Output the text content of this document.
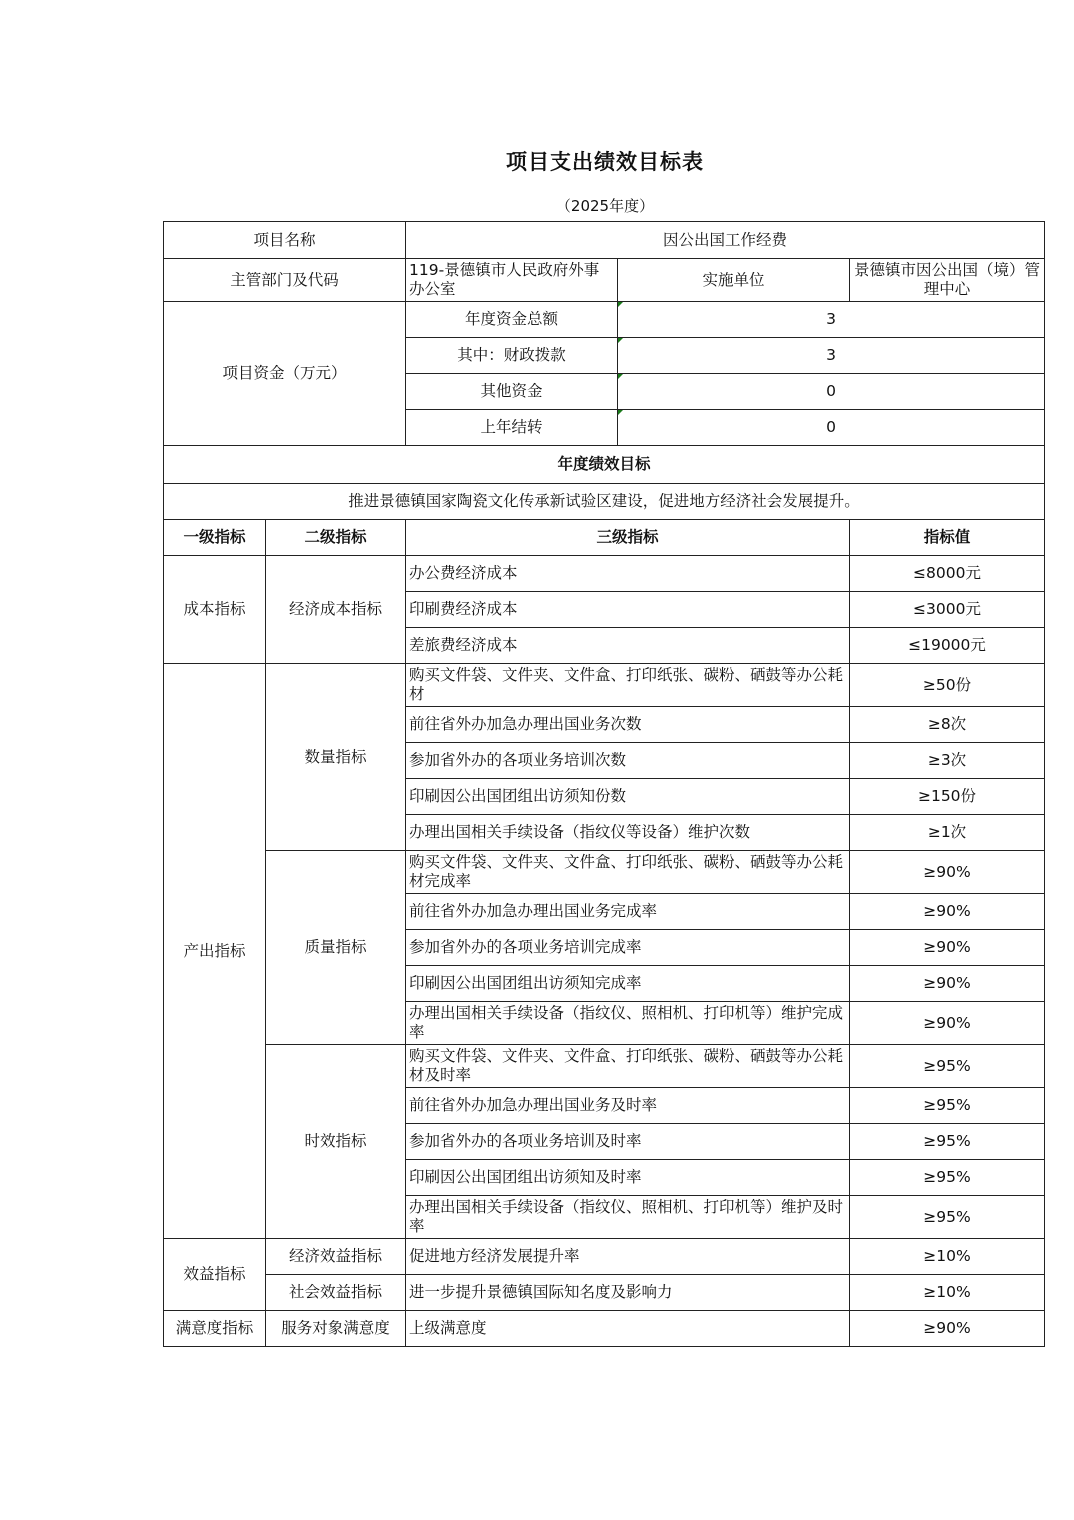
项目支出绩效目标表
（2025年度）
项目名称		因公出国工作经费		
主管部门及代码		119-景德镇市人民政府外事办公室	实施单位	景德镇市因公出国（境）管理中心
项目资金（万元）		年度资金总额	3	
		其中：财政拨款	3	
		其他资金	0	
		上年结转	0	
年度绩效目标				
推进景德镇国家陶瓷文化传承新试验区建设，促进地方经济社会发展提升。				
一级指标	二级指标	三级指标		指标值
成本指标	经济成本指标	办公费经济成本		≤8000元
		印刷费经济成本		≤3000元
		差旅费经济成本		≤19000元
产出指标	数量指标	购买文件袋、文件夹、文件盒、打印纸张、碳粉、硒鼓等办公耗材		≥50份
		前往省外办加急办理出国业务次数		≥8次
		参加省外办的各项业务培训次数		≥3次
		印刷因公出国团组出访须知份数		≥150份
		办理出国相关手续设备（指纹仪等设备）维护次数		≥1次
	质量指标	购买文件袋、文件夹、文件盒、打印纸张、碳粉、硒鼓等办公耗材完成率		≥90%
		前往省外办加急办理出国业务完成率		≥90%
		参加省外办的各项业务培训完成率		≥90%
		印刷因公出国团组出访须知完成率		≥90%
		办理出国相关手续设备（指纹仪、照相机、打印机等）维护完成率		≥90%
	时效指标	购买文件袋、文件夹、文件盒、打印纸张、碳粉、硒鼓等办公耗材及时率		≥95%
		前往省外办加急办理出国业务及时率		≥95%
		参加省外办的各项业务培训及时率		≥95%
		印刷因公出国团组出访须知及时率		≥95%
		办理出国相关手续设备（指纹仪、照相机、打印机等）维护及时率		≥95%
效益指标	经济效益指标	促进地方经济发展提升率		≥10%
	社会效益指标	进一步提升景德镇国际知名度及影响力		≥10%
满意度指标	服务对象满意度	上级满意度		≥90%
